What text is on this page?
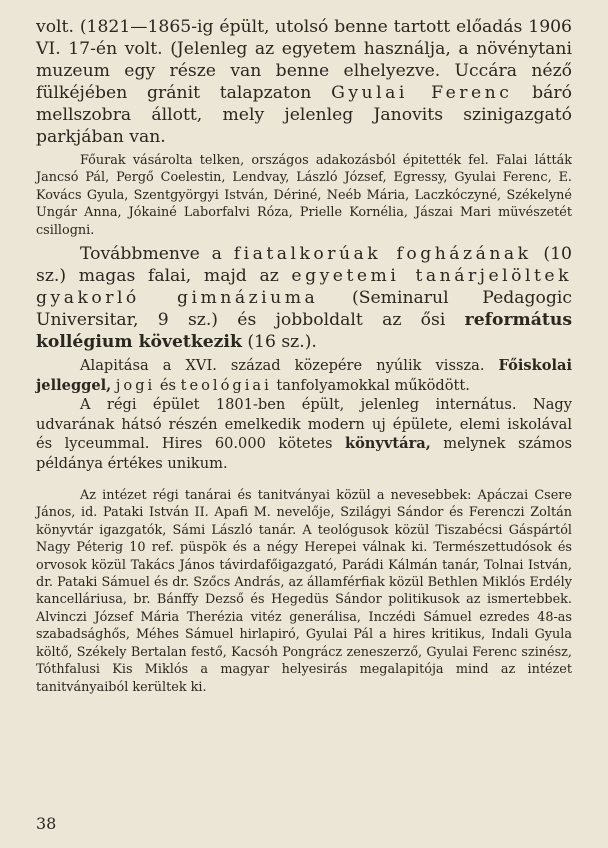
volt. (1821—1865-ig épült, utolsó benne tartott előadás 1906 VI. 17-én volt. (Jelenleg az egyetem használja, a növénytani muzeum egy része van benne elhelyezve. Uccára néző fülkéjében gránit talapzaton Gyulai Ferenc báró mellszobra állott, mely jelenleg Janovits szinigazgató parkjában van.

Főurak vásárolta telken, országos adakozásból épitették fel. Falai látták Jancsó Pál, Pergő Coelestin, Lendvay, László József, Egressy, Gyulai Ferenc, E. Kovács Gyula, Szentgyörgyi István, Dériné, Neéb Mária, Laczkóczyné, Székelyné Ungár Anna, Jókainé Laborfalvi Róza, Prielle Kornélia, Jászai Mari müvészetét csillogni.

Továbbmenve a fiatalkorúak fogházának (10 sz.) magas falai, majd az egyetemi tanárjelöltek gyakorló gimnáziuma (Seminarul Pedagogic Universitar, 9 sz.) és jobboldalt az ősi református kollégium következik (16 sz.).

Alapitása a XVI. század közepére nyúlik vissza. Főiskolai jelleggel, jogi és teológiai tanfolyamokkal működött.

A régi épület 1801-ben épült, jelenleg internátus. Nagy udvarának hátsó részén emelkedik modern uj épülete, elemi iskolával és lyceummal. Hires 60.000 kötetes könyvtára, melynek számos példánya értékes unikum.

Az intézet régi tanárai és tanitványai közül a nevesebbek: Apáczai Csere János, id. Pataki István II. Apafi M. nevelője, Szilágyi Sándor és Ferenczi Zoltán könyvtár igazgatók, Sámi László tanár. A teológusok közül Tiszabécsi Gáspártól Nagy Péterig 10 ref. püspök és a négy Herepei válnak ki. Természettudósok és orvosok közül Takács János távirdafőigazgató, Parádi Kálmán tanár, Tolnai István, dr. Pataki Sámuel és dr. Szőcs András, az államférfiak közül Bethlen Miklós Erdély kancelláriusa, br. Bánffy Dezső és Hegedüs Sándor politikusok az ismertebbek. Alvinczi József Mária Therézia vitéz generálisa, Inczédi Sámuel ezredes 48-as szabadsághős, Méhes Sámuel hirlapiró, Gyulai Pál a hires kritikus, Indali Gyula költő, Székely Bertalan festő, Kacsóh Pongrácz zeneszerző, Gyulai Ferenc szinész, Tóthfalusi Kis Miklós a magyar helyesirás megalapitója mind az intézet tanitványaiból kerültek ki.

38
